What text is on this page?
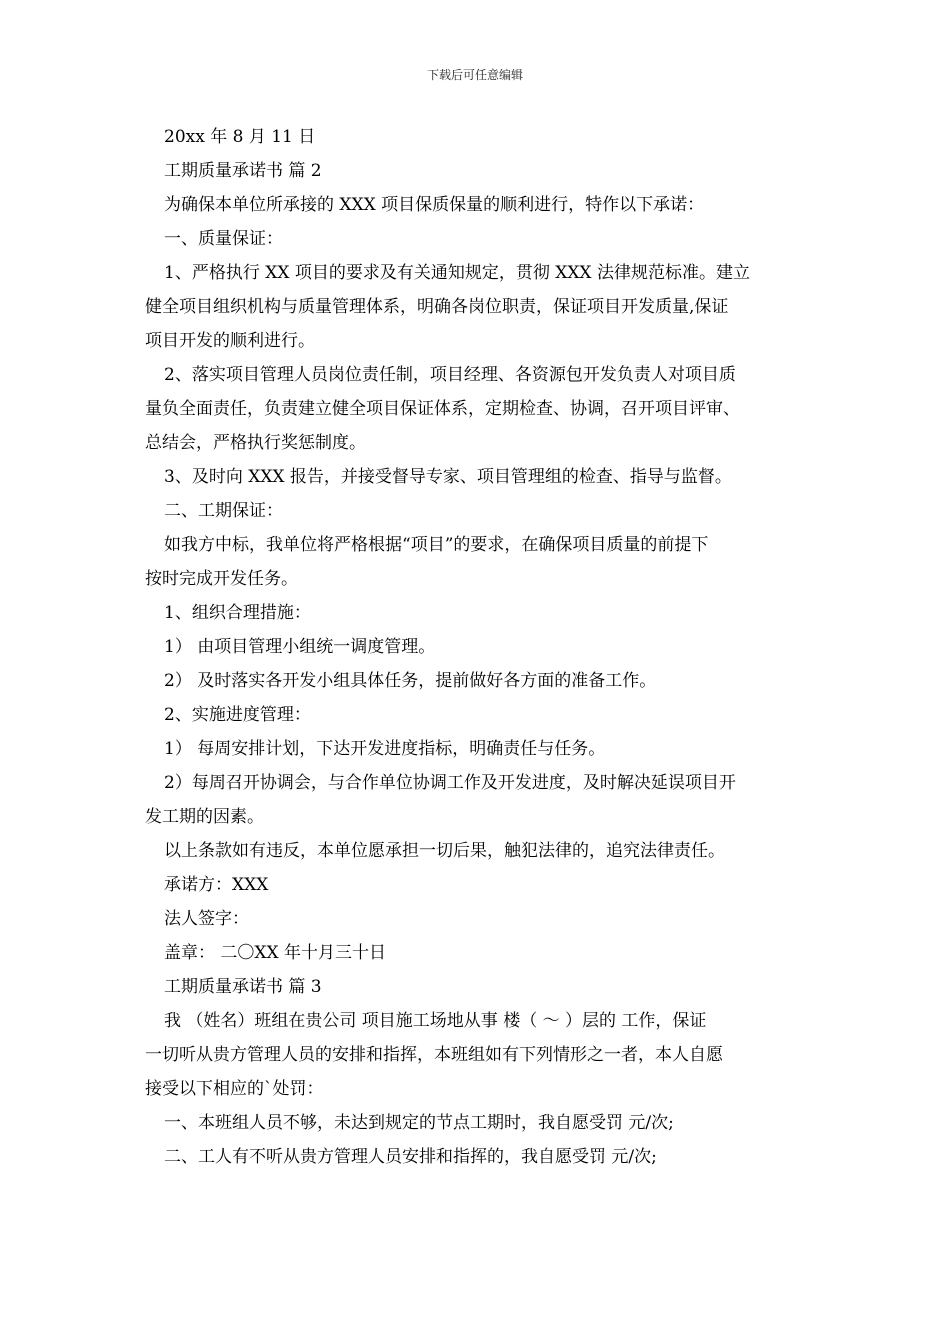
下载后可任意编辑
20xx 年 8 月 11 日
工期质量承诺书 篇 2
为确保本单位所承接的 XXX 项目保质保量的顺利进行，特作以下承诺：
一、质量保证：
1、严格执行 XX 项目的要求及有关通知规定，贯彻 XXX 法律规范标准。建立
健全项目组织机构与质量管理体系，明确各岗位职责，保证项目开发质量,保证
项目开发的顺利进行。
2、落实项目管理人员岗位责任制，项目经理、各资源包开发负责人对项目质
量负全面责任，负责建立健全项目保证体系，定期检查、协调，召开项目评审、
总结会，严格执行奖惩制度。
3、及时向 XXX 报告，并接受督导专家、项目管理组的检查、指导与监督。
二、工期保证：
如我方中标，我单位将严格根据“项目”的要求，在确保项目质量的前提下
按时完成开发任务。
1、组织合理措施：
1） 由项目管理小组统一调度管理。
2） 及时落实各开发小组具体任务，提前做好各方面的准备工作。
2、实施进度管理：
1） 每周安排计划，下达开发进度指标，明确责任与任务。
2）每周召开协调会，与合作单位协调工作及开发进度，及时解决延误项目开
发工期的因素。
以上条款如有违反，本单位愿承担一切后果，触犯法律的，追究法律责任。
承诺方：XXX
法人签字：
盖章： 二〇XX 年十月三十日
工期质量承诺书 篇 3
我 （姓名）班组在贵公司 项目施工场地从事 楼（ ～ ）层的 工作，保证
一切听从贵方管理人员的安排和指挥，本班组如有下列情形之一者，本人自愿
接受以下相应的`处罚：
一、本班组人员不够，未达到规定的节点工期时，我自愿受罚 元/次;
二、工人有不听从贵方管理人员安排和指挥的，我自愿受罚 元/次;
